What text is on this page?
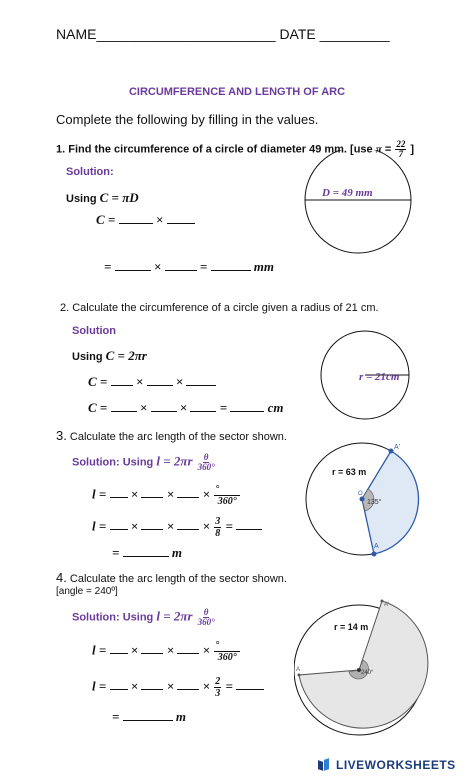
NAME_______________________ DATE _________
CIRCUMFERENCE AND LENGTH OF ARC
Complete the following by filling in the values.
1. Find the circumference of a circle of diameter 49 mm. [use $\pi = \frac{22}{7}$ ]
Solution:
Using C = πD
C =	×
=	×	=	mm
D = 49 mm
2. Calculate the circumference of a circle given a radius of 21 cm.
Solution
Using C = 2πr
C = ×	×
C =	×	×	=	cm
r = 21cm
3. Calculate the arc length of the sector shown.
Solution: Using $l = 2\pi r \frac{\theta}{360^\circ}$
l = × × × $\frac{^\circ}{360^\circ}$
l = × × × $\frac{3}{8}$ =
=	m
A'
A
O
r = 63 m
135°
4. Calculate the arc length of the sector shown.
[angle = 240º]
Solution: Using $l = 2\pi r \frac{\theta}{360^\circ}$
l = × × × $\frac{^\circ}{360^\circ}$
l = × × × $\frac{2}{3}$ =
=	m
A'
A
r = 14 m
240°
LIVEWORKSHEETS
